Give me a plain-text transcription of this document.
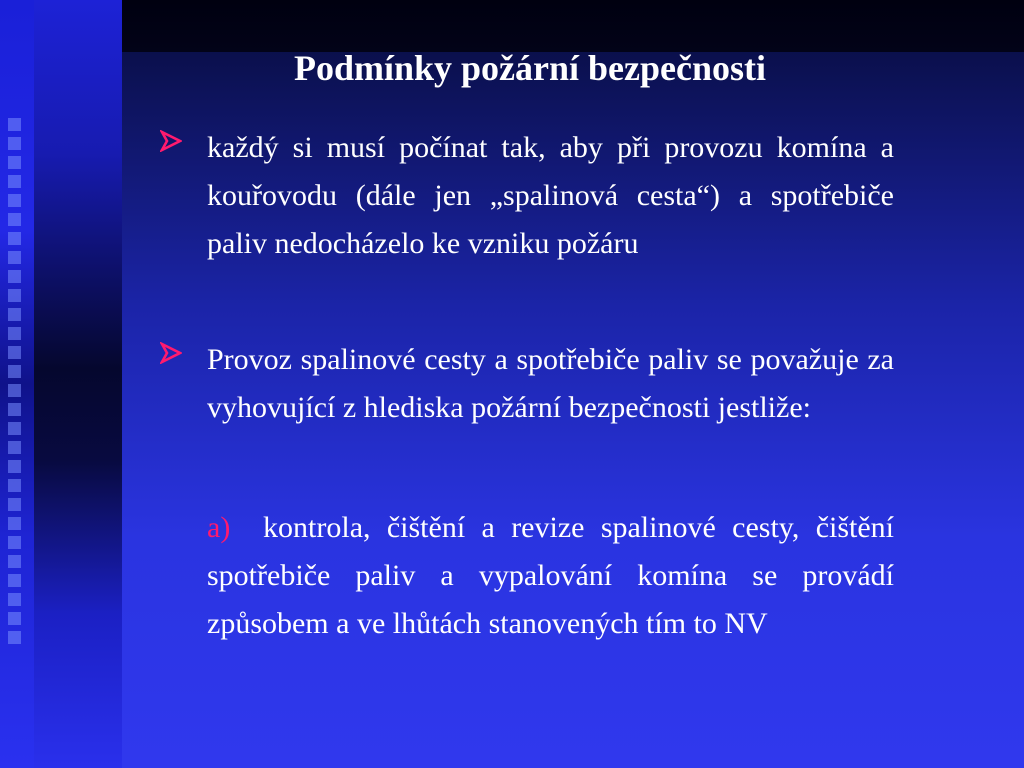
Podmínky požární bezpečnosti
každý si musí počínat tak, aby při provozu komína a kouřovodu (dále jen „spalinová cesta“) a spotřebiče paliv nedocházelo ke vzniku požáru
Provoz spalinové cesty a spotřebiče paliv se považuje za vyhovující z hlediska požární bezpečnosti jestliže:
a) kontrola, čištění a revize spalinové cesty, čištění spotřebiče paliv a vypalování komína se provádí způsobem a ve lhůtách stanovených tím to NV
